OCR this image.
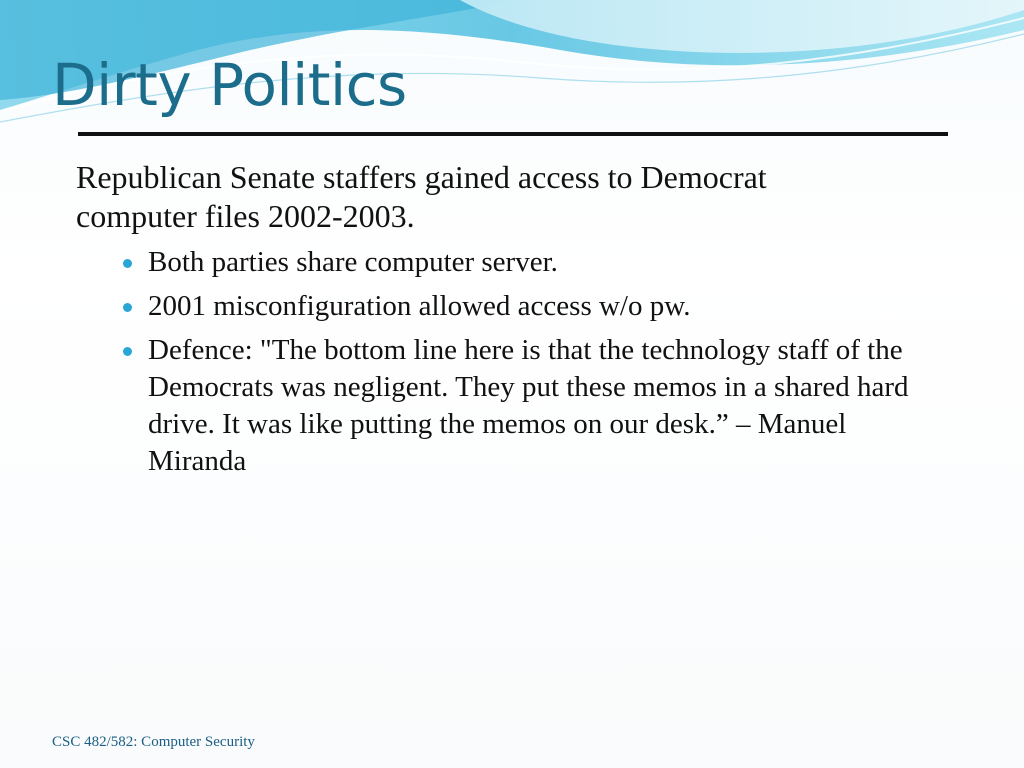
Dirty Politics

Republican Senate staffers gained access to Democrat computer files 2002-2003.

Both parties share computer server.
2001 misconfiguration allowed access w/o pw.
Defence: "The bottom line here is that the technology staff of the Democrats was negligent. They put these memos in a shared hard drive. It was like putting the memos on our desk.” – Manuel Miranda
CSC 482/582: Computer Security
